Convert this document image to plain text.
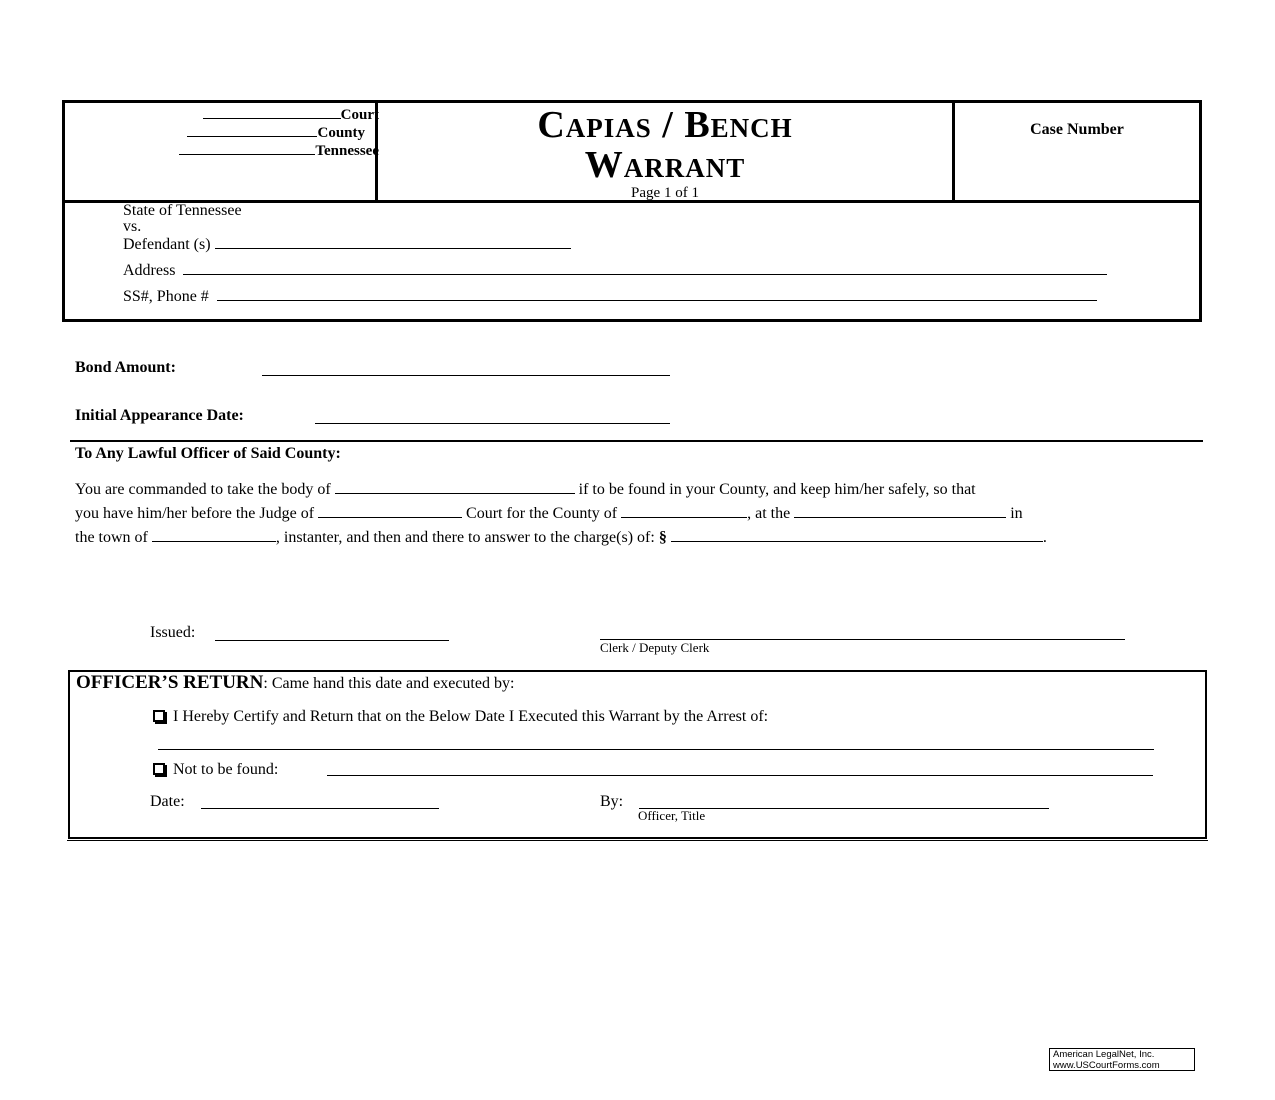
Court
County
Tennessee
Capias / Bench
Warrant
Page 1 of 1
Case Number
State of Tennessee
vs.
Defendant (s)
Address
SS#, Phone #
Bond Amount:
Initial Appearance Date:
To Any Lawful Officer of Said County:
You are commanded to take the body of	if to be found in your County, and keep him/her safely, so that
you have him/her before the Judge of	Court for the County of	, at the	in
the town of	, instanter, and then and there to answer to the charge(s) of: §	.
Issued:
Clerk / Deputy Clerk
OFFICER’S RETURN: Came hand this date and executed by:
I Hereby Certify and Return that on the Below Date I Executed this Warrant by the Arrest of:
Not to be found:
Date:	By:
Officer, Title
American LegalNet, Inc.
www.USCourtForms.com
